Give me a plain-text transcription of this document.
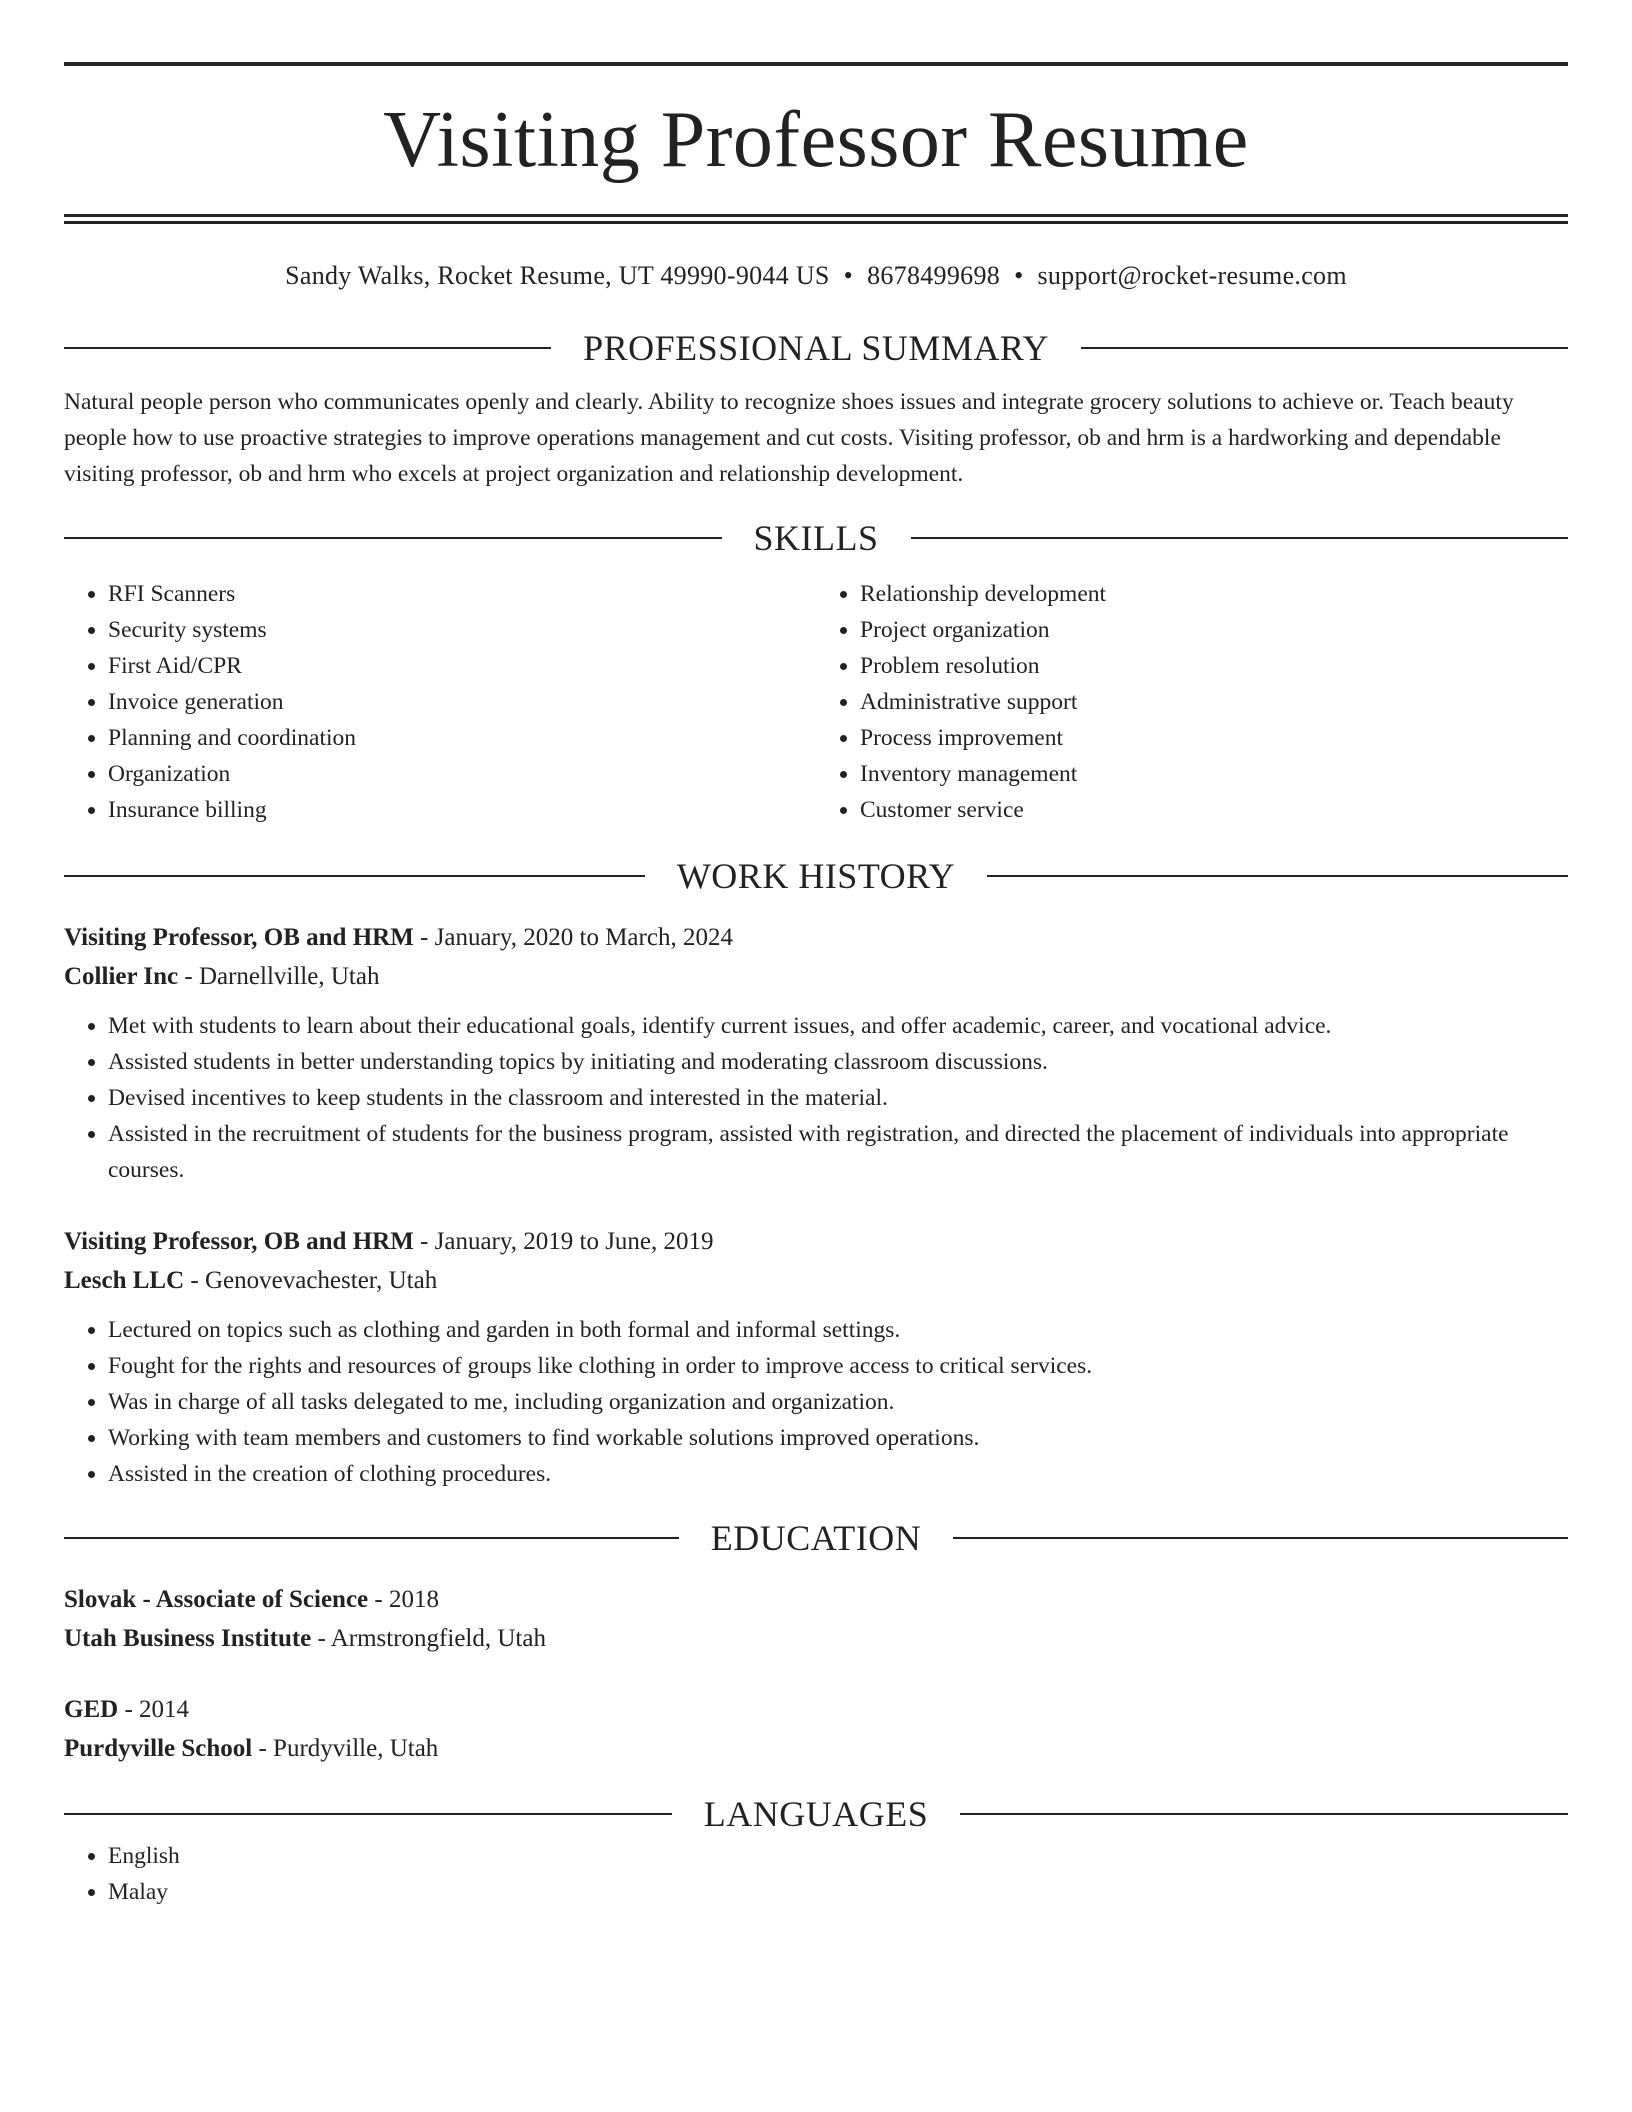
Visiting Professor Resume
Sandy Walks, Rocket Resume, UT 49990-9044 US • 8678499698 • support@rocket-resume.com
PROFESSIONAL SUMMARY

Natural people person who communicates openly and clearly. Ability to recognize shoes issues and integrate grocery solutions to achieve or. Teach beauty people how to use proactive strategies to improve operations management and cut costs. Visiting professor, ob and hrm is a hardworking and dependable visiting professor, ob and hrm who excels at project organization and relationship development.

SKILLS
• RFI Scanners
• Security systems
• First Aid/CPR
• Invoice generation
• Planning and coordination
• Organization
• Insurance billing
• Relationship development
• Project organization
• Problem resolution
• Administrative support
• Process improvement
• Inventory management
• Customer service
WORK HISTORY
Visiting Professor, OB and HRM - January, 2020 to March, 2024
Collier Inc - Darnellville, Utah
• Met with students to learn about their educational goals, identify current issues, and offer academic, career, and vocational advice.
• Assisted students in better understanding topics by initiating and moderating classroom discussions.
• Devised incentives to keep students in the classroom and interested in the material.
• Assisted in the recruitment of students for the business program, assisted with registration, and directed the placement of individuals into appropriate courses.
Visiting Professor, OB and HRM - January, 2019 to June, 2019
Lesch LLC - Genovevachester, Utah
• Lectured on topics such as clothing and garden in both formal and informal settings.
• Fought for the rights and resources of groups like clothing in order to improve access to critical services.
• Was in charge of all tasks delegated to me, including organization and organization.
• Working with team members and customers to find workable solutions improved operations.
• Assisted in the creation of clothing procedures.
EDUCATION
Slovak - Associate of Science - 2018
Utah Business Institute - Armstrongfield, Utah
GED - 2014
Purdyville School - Purdyville, Utah
LANGUAGES
• English
• Malay
